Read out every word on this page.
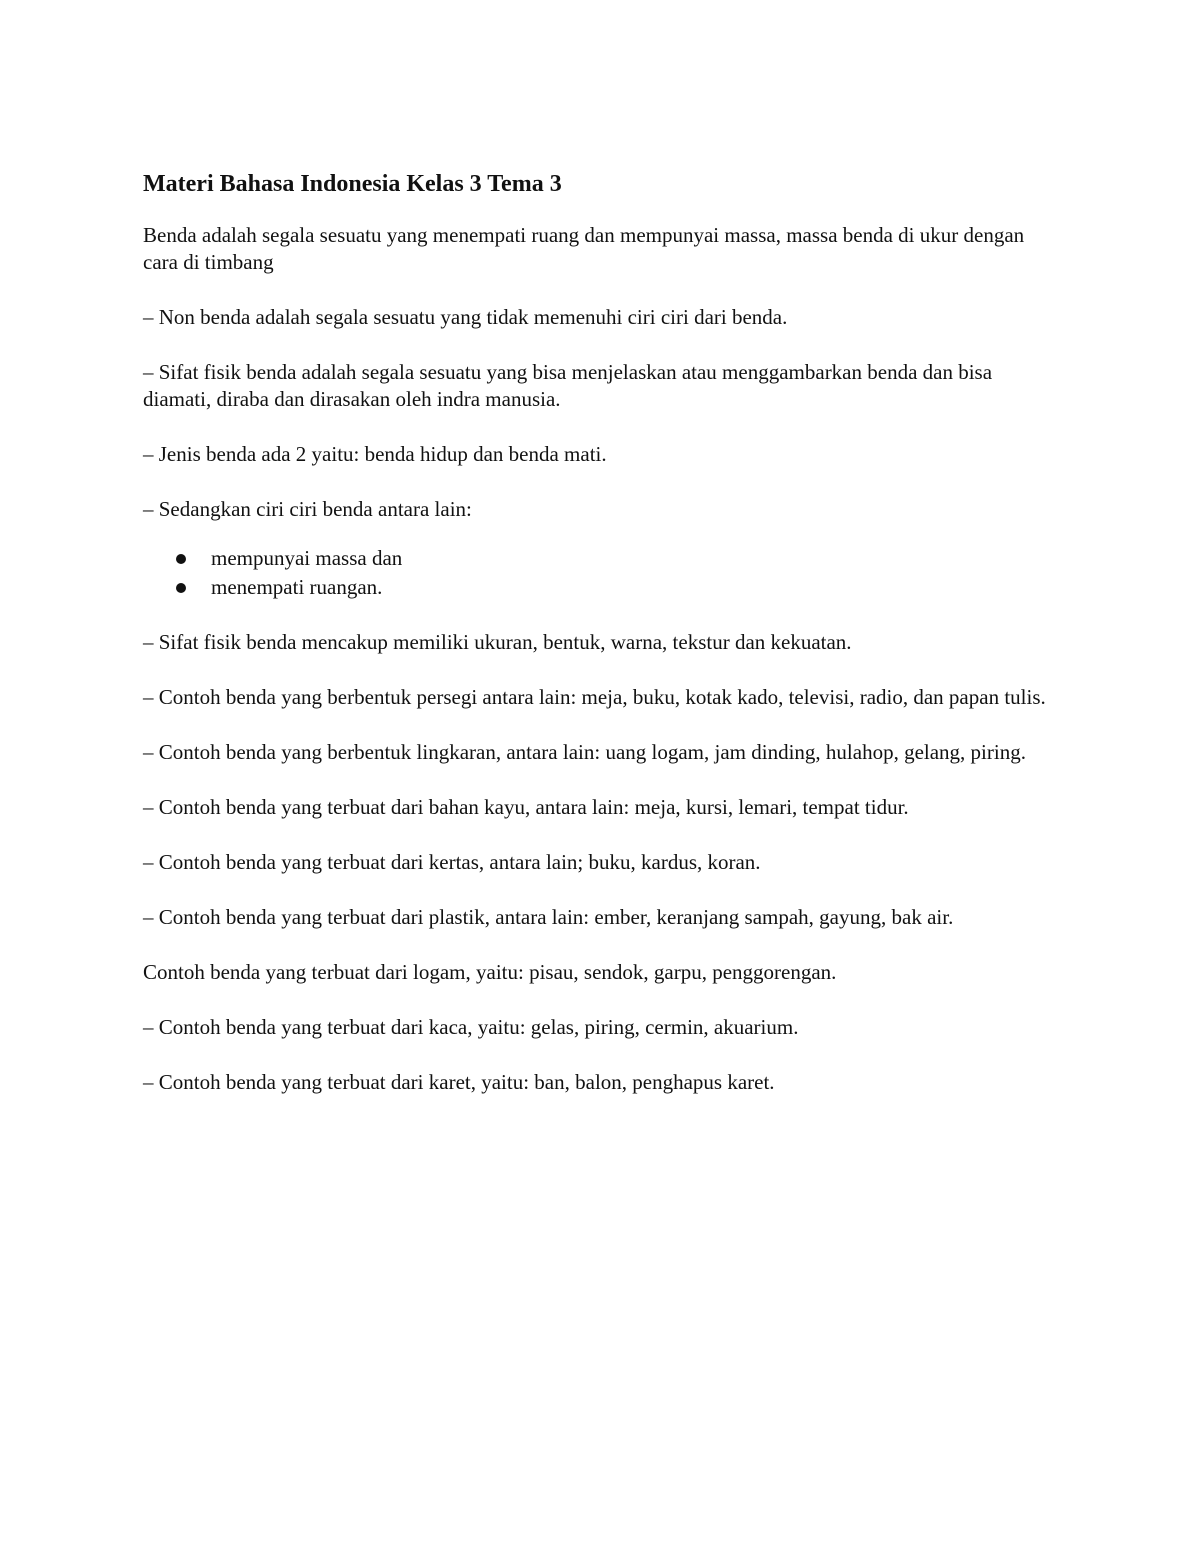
Materi Bahasa Indonesia Kelas 3 Tema 3

Benda adalah segala sesuatu yang menempati ruang dan mempunyai massa, massa benda di ukur dengan cara di timbang

– Non benda adalah segala sesuatu yang tidak memenuhi ciri ciri dari benda.

– Sifat fisik benda adalah segala sesuatu yang bisa menjelaskan atau menggambarkan benda dan bisa diamati, diraba dan dirasakan oleh indra manusia.

– Jenis benda ada 2 yaitu: benda hidup dan benda mati.

– Sedangkan ciri ciri benda antara lain:

mempunyai massa dan
menempati ruangan.

– Sifat fisik benda mencakup memiliki ukuran, bentuk, warna, tekstur dan kekuatan.

– Contoh benda yang berbentuk persegi antara lain: meja, buku, kotak kado, televisi, radio, dan papan tulis.

– Contoh benda yang berbentuk lingkaran, antara lain: uang logam, jam dinding, hulahop, gelang, piring.

– Contoh benda yang terbuat dari bahan kayu, antara lain: meja, kursi, lemari, tempat tidur.

– Contoh benda yang terbuat dari kertas, antara lain; buku, kardus, koran.

– Contoh benda yang terbuat dari plastik, antara lain: ember, keranjang sampah, gayung, bak air.

Contoh benda yang terbuat dari logam, yaitu: pisau, sendok, garpu, penggorengan.

– Contoh benda yang terbuat dari kaca, yaitu: gelas, piring, cermin, akuarium.

– Contoh benda yang terbuat dari karet, yaitu: ban, balon, penghapus karet.
